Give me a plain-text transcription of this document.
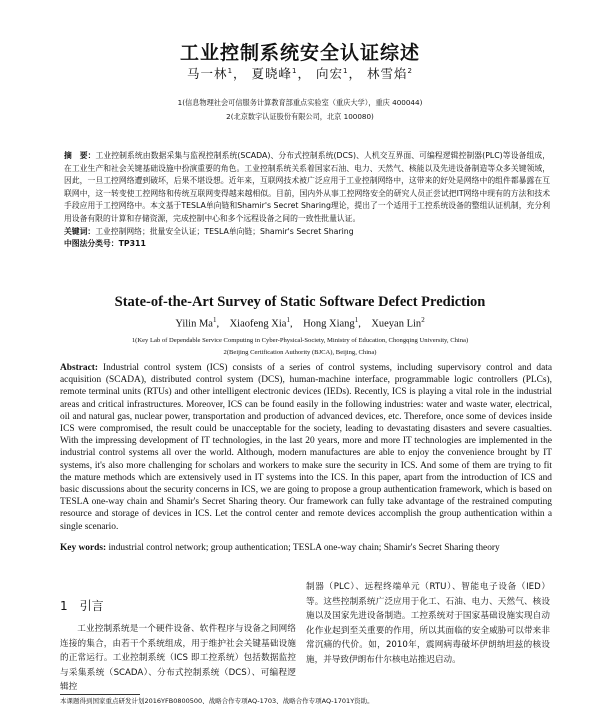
工业控制系统安全认证综述
马一林$^1$， 夏晓峰$^1$， 向宏$^1$， 林雪焰$^2$
1(信息物理社会可信服务计算教育部重点实验室（重庆大学），重庆 400044)
2(北京数字认证股份有限公司，北京 100080)
摘　要：工业控制系统由数据采集与监视控制系统(SCADA)、分布式控制系统(DCS)、人机交互界面、可编程逻辑控制器(PLC)等设备组成，在工业生产和社会关键基础设施中扮演重要的角色。工业控制系统关系着国家石油、电力、天然气、核能以及先进设备制造等众多关键领域，因此，一旦工控网络遭到破坏，后果不堪设想。近年来，互联网技术被广泛应用于工业控制网络中，这带来的好处是网络中的组件都暴露在互联网中，这一转变使工控网络和传统互联网变得越来越相似。目前，国内外从事工控网络安全的研究人员正尝试把IT网络中现有的方法和技术手段应用于工控网络中。本文基于TESLA单向链和Shamir's Secret Sharing理论，提出了一个适用于工控系统设备的整组认证机制，充分利用设备有限的计算和存储资源，完成控制中心和多个远程设备之间的一致性批量认证。
关键词：工业控制网络；批量安全认证；TESLA单向链；Shamir's Secret Sharing
中图法分类号：TP311
State-of-the-Art Survey of Static Software Defect Prediction
Yilin Ma$^1$,    Xiaofeng Xia$^1$,    Hong Xiang$^1$,    Xueyan Lin$^2$
1(Key Lab of Dependable Service Computing in Cyber-Physical-Society, Ministry of Education, Chongqing University, China)
2(Beijing Certification Authority (BJCA), Beijing, China)
Abstract: Industrial control system (ICS) consists of a series of control systems, including supervisory control and data acquisition (SCADA), distributed control system (DCS), human-machine interface, programmable logic controllers (PLCs), remote terminal units (RTUs) and other intelligent electronic devices (IEDs). Recently, ICS is playing a vital role in the industrial areas and critical infrastructures. Moreover, ICS can be found easily in the following industries: water and waste water, electrical, oil and natural gas, nuclear power, transportation and production of advanced devices, etc. Therefore, once some of devices inside ICS were compromised, the result could be unacceptable for the society, leading to devastating disasters and severe casualties. With the impressing development of IT technologies, in the last 20 years, more and more IT technologies are implemented in the industrial control systems all over the world. Although, modern manufactures are able to enjoy the convenience brought by IT systems, it's also more challenging for scholars and workers to make sure the security in ICS. And some of them are trying to fit the mature methods which are extensively used in IT systems into the ICS. In this paper, apart from the introduction of ICS and basic discussions about the security concerns in ICS, we are going to propose a group authentication framework, which is based on TESLA one-way chain and Shamir's Secret Sharing theory. Our framework can fully take advantage of the restrained computing resource and storage of devices in ICS. Let the control center and remote devices accomplish the group authentication within a single scenario.
Key words: industrial control network; group authentication; TESLA one-way chain; Shamir's Secret Sharing theory
1　引言
工业控制系统是一个硬件设备、软件程序与设备之间网络连接的集合，由若干个系统组成，用于维护社会关键基础设施的正常运行。工业控制系统（ICS 即工控系统）包括数据监控与采集系统（SCADA）、分布式控制系统（DCS）、可编程逻辑控
制器（PLC）、远程终端单元（RTU）、智能电子设备（IED）等。这些控制系统广泛应用于化工、石油、电力、天然气、核设施以及国家先进设备制造。工控系统对于国家基础设施实现自动化作业起到至关重要的作用，所以其面临的安全威胁可以带来非常沉痛的代价。如，2010年，震网病毒破坏伊朗纳坦兹的核设施，并导致伊朗布什尔核电站推迟启动。
本课题得到国家重点研发计划2016YFB0800500、战略合作专项AQ-1703、战略合作专项AQ-1701Y资助。
